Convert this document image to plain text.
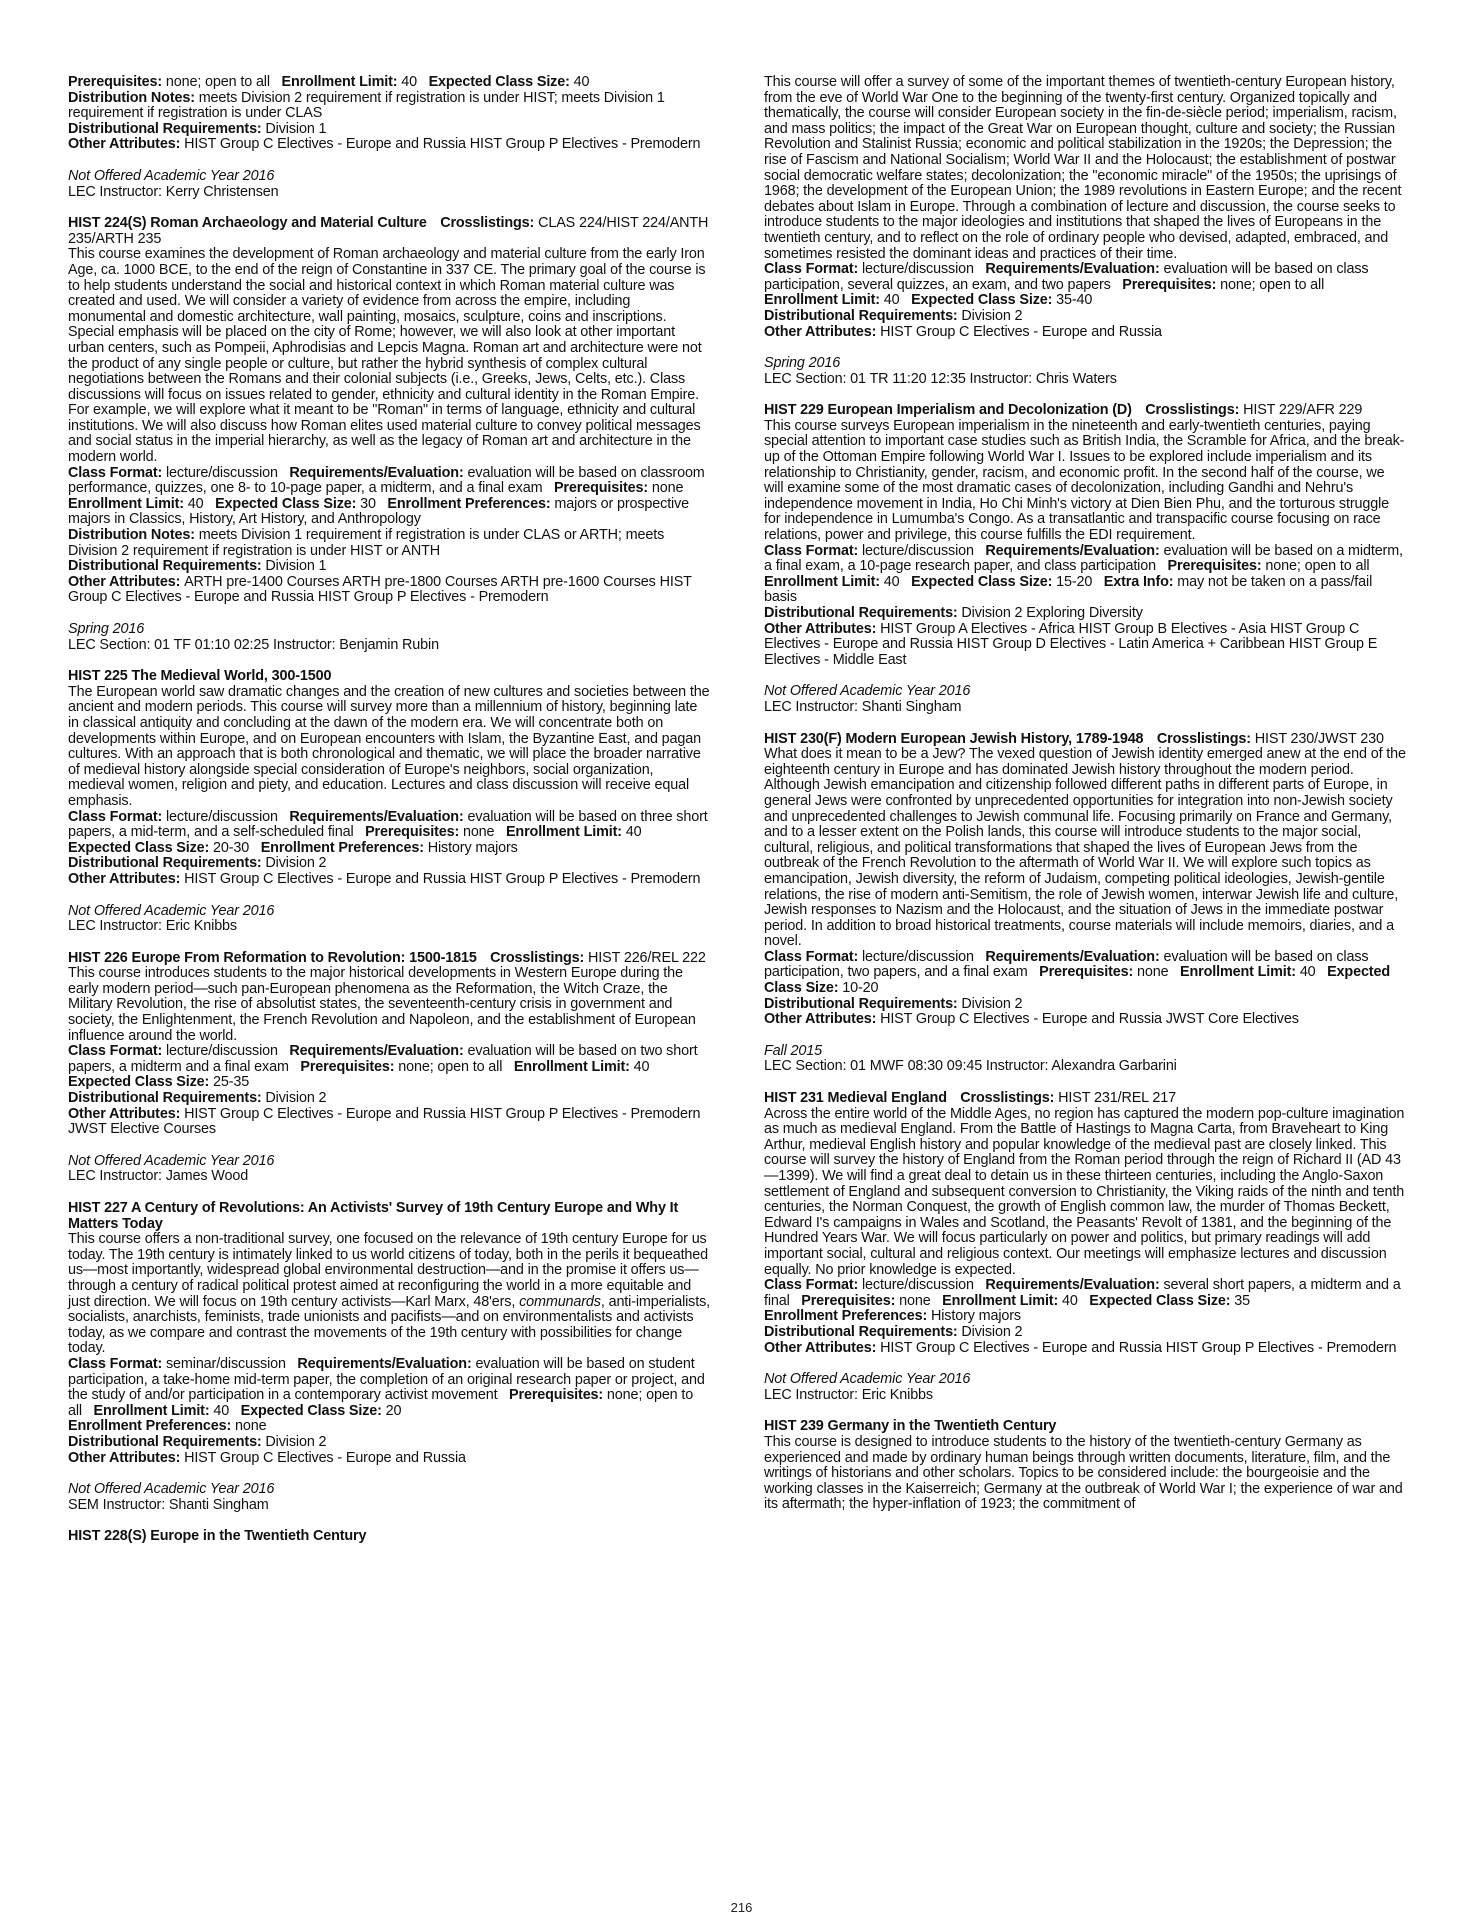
Prerequisites: none; open to all Enrollment Limit: 40 Expected Class Size: 40
Distribution Notes: meets Division 2 requirement if registration is under HIST; meets Division 1 requirement if registration is under CLAS
Distributional Requirements: Division 1
Other Attributes: HIST Group C Electives - Europe and Russia HIST Group P Electives - Premodern
Not Offered Academic Year 2016
LEC Instructor: Kerry Christensen
HIST 224(S) Roman Archaeology and Material Culture Crosslistings: CLAS 224/HIST 224/ANTH 235/ARTH 235
This course examines the development of Roman archaeology and material culture from the early Iron Age, ca. 1000 BCE, to the end of the reign of Constantine in 337 CE. The primary goal of the course is to help students understand the social and historical context in which Roman material culture was created and used. We will consider a variety of evidence from across the empire, including monumental and domestic architecture, wall painting, mosaics, sculpture, coins and inscriptions. Special emphasis will be placed on the city of Rome; however, we will also look at other important urban centers, such as Pompeii, Aphrodisias and Lepcis Magna. Roman art and architecture were not the product of any single people or culture, but rather the hybrid synthesis of complex cultural negotiations between the Romans and their colonial subjects (i.e., Greeks, Jews, Celts, etc.). Class discussions will focus on issues related to gender, ethnicity and cultural identity in the Roman Empire. For example, we will explore what it meant to be "Roman" in terms of language, ethnicity and cultural institutions. We will also discuss how Roman elites used material culture to convey political messages and social status in the imperial hierarchy, as well as the legacy of Roman art and architecture in the modern world.
Class Format: lecture/discussion Requirements/Evaluation: evaluation will be based on classroom performance, quizzes, one 8- to 10-page paper, a midterm, and a final exam Prerequisites: none Enrollment Limit: 40 Expected Class Size: 30 Enrollment Preferences: majors or prospective majors in Classics, History, Art History, and Anthropology
Distribution Notes: meets Division 1 requirement if registration is under CLAS or ARTH; meets Division 2 requirement if registration is under HIST or ANTH
Distributional Requirements: Division 1
Other Attributes: ARTH pre-1400 Courses ARTH pre-1800 Courses ARTH pre-1600 Courses HIST Group C Electives - Europe and Russia HIST Group P Electives - Premodern
Spring 2016
LEC Section: 01 TF 01:10 02:25 Instructor: Benjamin Rubin
HIST 225 The Medieval World, 300-1500
The European world saw dramatic changes and the creation of new cultures and societies between the ancient and modern periods. This course will survey more than a millennium of history, beginning late in classical antiquity and concluding at the dawn of the modern era. We will concentrate both on developments within Europe, and on European encounters with Islam, the Byzantine East, and pagan cultures. With an approach that is both chronological and thematic, we will place the broader narrative of medieval history alongside special consideration of Europe's neighbors, social organization, medieval women, religion and piety, and education. Lectures and class discussion will receive equal emphasis.
Class Format: lecture/discussion Requirements/Evaluation: evaluation will be based on three short papers, a mid-term, and a self-scheduled final Prerequisites: none Enrollment Limit: 40 Expected Class Size: 20-30 Enrollment Preferences: History majors
Distributional Requirements: Division 2
Other Attributes: HIST Group C Electives - Europe and Russia HIST Group P Electives - Premodern
Not Offered Academic Year 2016
LEC Instructor: Eric Knibbs
HIST 226 Europe From Reformation to Revolution: 1500-1815 Crosslistings: HIST 226/REL 222
This course introduces students to the major historical developments in Western Europe during the early modern period—such pan-European phenomena as the Reformation, the Witch Craze, the Military Revolution, the rise of absolutist states, the seventeenth-century crisis in government and society, the Enlightenment, the French Revolution and Napoleon, and the establishment of European influence around the world.
Class Format: lecture/discussion Requirements/Evaluation: evaluation will be based on two short papers, a midterm and a final exam Prerequisites: none; open to all Enrollment Limit: 40 Expected Class Size: 25-35
Distributional Requirements: Division 2
Other Attributes: HIST Group C Electives - Europe and Russia HIST Group P Electives - Premodern JWST Elective Courses
Not Offered Academic Year 2016
LEC Instructor: James Wood
HIST 227 A Century of Revolutions: An Activists' Survey of 19th Century Europe and Why It Matters Today
This course offers a non-traditional survey, one focused on the relevance of 19th century Europe for us today. The 19th century is intimately linked to us world citizens of today, both in the perils it bequeathed us—most importantly, widespread global environmental destruction—and in the promise it offers us—through a century of radical political protest aimed at reconfiguring the world in a more equitable and just direction. We will focus on 19th century activists—Karl Marx, 48'ers, communards, anti-imperialists, socialists, anarchists, feminists, trade unionists and pacifists—and on environmentalists and activists today, as we compare and contrast the movements of the 19th century with possibilities for change today.
Class Format: seminar/discussion Requirements/Evaluation: evaluation will be based on student participation, a take-home mid-term paper, the completion of an original research paper or project, and the study of and/or participation in a contemporary activist movement Prerequisites: none; open to all Enrollment Limit: 40 Expected Class Size: 20
Enrollment Preferences: none
Distributional Requirements: Division 2
Other Attributes: HIST Group C Electives - Europe and Russia
Not Offered Academic Year 2016
SEM Instructor: Shanti Singham
HIST 228(S) Europe in the Twentieth Century
This course will offer a survey of some of the important themes of twentieth-century European history, from the eve of World War One to the beginning of the twenty-first century. Organized topically and thematically, the course will consider European society in the fin-de-siècle period; imperialism, racism, and mass politics; the impact of the Great War on European thought, culture and society; the Russian Revolution and Stalinist Russia; economic and political stabilization in the 1920s; the Depression; the rise of Fascism and National Socialism; World War II and the Holocaust; the establishment of postwar social democratic welfare states; decolonization; the "economic miracle" of the 1950s; the uprisings of 1968; the development of the European Union; the 1989 revolutions in Eastern Europe; and the recent debates about Islam in Europe. Through a combination of lecture and discussion, the course seeks to introduce students to the major ideologies and institutions that shaped the lives of Europeans in the twentieth century, and to reflect on the role of ordinary people who devised, adapted, embraced, and sometimes resisted the dominant ideas and practices of their time.
Class Format: lecture/discussion Requirements/Evaluation: evaluation will be based on class participation, several quizzes, an exam, and two papers Prerequisites: none; open to all Enrollment Limit: 40 Expected Class Size: 35-40
Distributional Requirements: Division 2
Other Attributes: HIST Group C Electives - Europe and Russia
Spring 2016
LEC Section: 01 TR 11:20 12:35 Instructor: Chris Waters
HIST 229 European Imperialism and Decolonization (D) Crosslistings: HIST 229/AFR 229
This course surveys European imperialism in the nineteenth and early-twentieth centuries, paying special attention to important case studies such as British India, the Scramble for Africa, and the break-up of the Ottoman Empire following World War I. Issues to be explored include imperialism and its relationship to Christianity, gender, racism, and economic profit. In the second half of the course, we will examine some of the most dramatic cases of decolonization, including Gandhi and Nehru's independence movement in India, Ho Chi Minh's victory at Dien Bien Phu, and the torturous struggle for independence in Lumumba's Congo. As a transatlantic and transpacific course focusing on race relations, power and privilege, this course fulfills the EDI requirement.
Class Format: lecture/discussion Requirements/Evaluation: evaluation will be based on a midterm, a final exam, a 10-page research paper, and class participation Prerequisites: none; open to all Enrollment Limit: 40 Expected Class Size: 15-20 Extra Info: may not be taken on a pass/fail basis
Distributional Requirements: Division 2 Exploring Diversity
Other Attributes: HIST Group A Electives - Africa HIST Group B Electives - Asia HIST Group C Electives - Europe and Russia HIST Group D Electives - Latin America + Caribbean HIST Group E Electives - Middle East
Not Offered Academic Year 2016
LEC Instructor: Shanti Singham
HIST 230(F) Modern European Jewish History, 1789-1948 Crosslistings: HIST 230/JWST 230
What does it mean to be a Jew? The vexed question of Jewish identity emerged anew at the end of the eighteenth century in Europe and has dominated Jewish history throughout the modern period. Although Jewish emancipation and citizenship followed different paths in different parts of Europe, in general Jews were confronted by unprecedented opportunities for integration into non-Jewish society and unprecedented challenges to Jewish communal life. Focusing primarily on France and Germany, and to a lesser extent on the Polish lands, this course will introduce students to the major social, cultural, religious, and political transformations that shaped the lives of European Jews from the outbreak of the French Revolution to the aftermath of World War II. We will explore such topics as emancipation, Jewish diversity, the reform of Judaism, competing political ideologies, Jewish-gentile relations, the rise of modern anti-Semitism, the role of Jewish women, interwar Jewish life and culture, Jewish responses to Nazism and the Holocaust, and the situation of Jews in the immediate postwar period. In addition to broad historical treatments, course materials will include memoirs, diaries, and a novel.
Class Format: lecture/discussion Requirements/Evaluation: evaluation will be based on class participation, two papers, and a final exam Prerequisites: none Enrollment Limit: 40 Expected Class Size: 10-20
Distributional Requirements: Division 2
Other Attributes: HIST Group C Electives - Europe and Russia JWST Core Electives
Fall 2015
LEC Section: 01 MWF 08:30 09:45 Instructor: Alexandra Garbarini
HIST 231 Medieval England Crosslistings: HIST 231/REL 217
Across the entire world of the Middle Ages, no region has captured the modern pop-culture imagination as much as medieval England. From the Battle of Hastings to Magna Carta, from Braveheart to King Arthur, medieval English history and popular knowledge of the medieval past are closely linked. This course will survey the history of England from the Roman period through the reign of Richard II (AD 43—1399). We will find a great deal to detain us in these thirteen centuries, including the Anglo-Saxon settlement of England and subsequent conversion to Christianity, the Viking raids of the ninth and tenth centuries, the Norman Conquest, the growth of English common law, the murder of Thomas Beckett, Edward I's campaigns in Wales and Scotland, the Peasants' Revolt of 1381, and the beginning of the Hundred Years War. We will focus particularly on power and politics, but primary readings will add important social, cultural and religious context. Our meetings will emphasize lectures and discussion equally. No prior knowledge is expected.
Class Format: lecture/discussion Requirements/Evaluation: several short papers, a midterm and a final Prerequisites: none Enrollment Limit: 40 Expected Class Size: 35
Enrollment Preferences: History majors
Distributional Requirements: Division 2
Other Attributes: HIST Group C Electives - Europe and Russia HIST Group P Electives - Premodern
Not Offered Academic Year 2016
LEC Instructor: Eric Knibbs
HIST 239 Germany in the Twentieth Century
This course is designed to introduce students to the history of the twentieth-century Germany as experienced and made by ordinary human beings through written documents, literature, film, and the writings of historians and other scholars. Topics to be considered include: the bourgeoisie and the working classes in the Kaiserreich; Germany at the outbreak of World War I; the experience of war and its aftermath; the hyper-inflation of 1923; the commitment of
216
